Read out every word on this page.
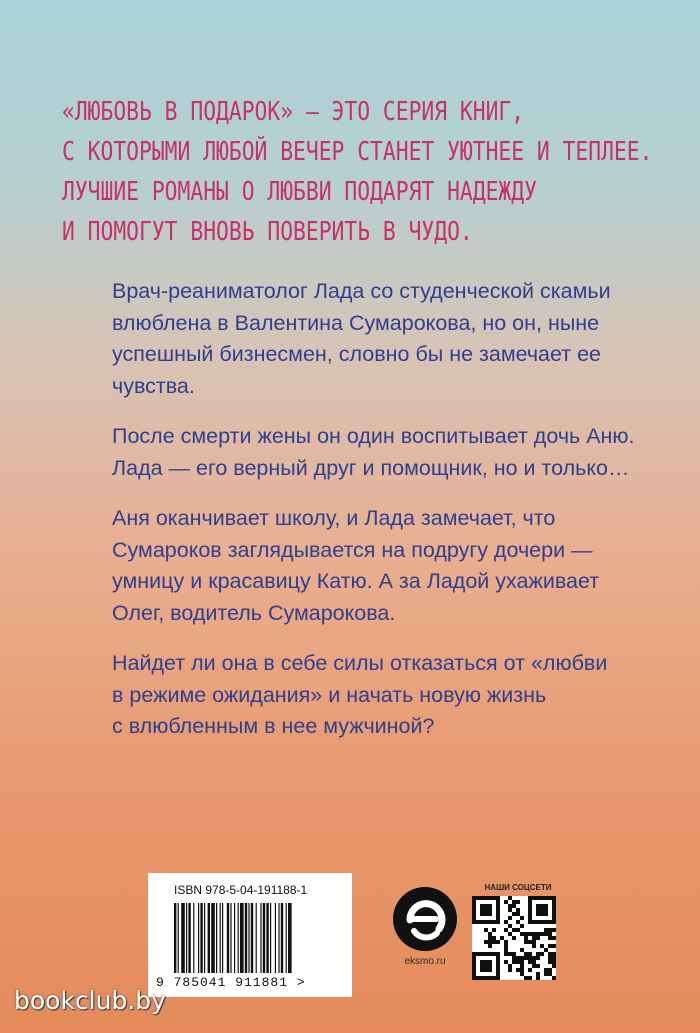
«ЛЮБОВЬ В ПОДАРОК» – ЭТО СЕРИЯ КНИГ,
С КОТОРЫМИ ЛЮБОЙ ВЕЧЕР СТАНЕТ УЮТНЕЕ И ТЕПЛЕЕ.
ЛУЧШИЕ РОМАНЫ О ЛЮБВИ ПОДАРЯТ НАДЕЖДУ
И ПОМОГУТ ВНОВЬ ПОВЕРИТЬ В ЧУДО.

Врач-реаниматолог Лада со студенческой скамьи
влюблена в Валентина Сумарокова, но он, ныне
успешный бизнесмен, словно бы не замечает ее
чувства.

После смерти жены он один воспитывает дочь Аню.
Лада — его верный друг и помощник, но и только…

Аня оканчивает школу, и Лада замечает, что
Сумароков заглядывается на подругу дочери —
умницу и красавицу Катю. А за Ладой ухаживает
Олег, водитель Сумарокова.

Найдет ли она в себе силы отказаться от «любви
в режиме ожидания» и начать новую жизнь
с влюбленным в нее мужчиной?

ISBN 978-5-04-191188-1
9 785041 911881 >
eksmo.ru
НАШИ СОЦСЕТИ
bookclub.by
